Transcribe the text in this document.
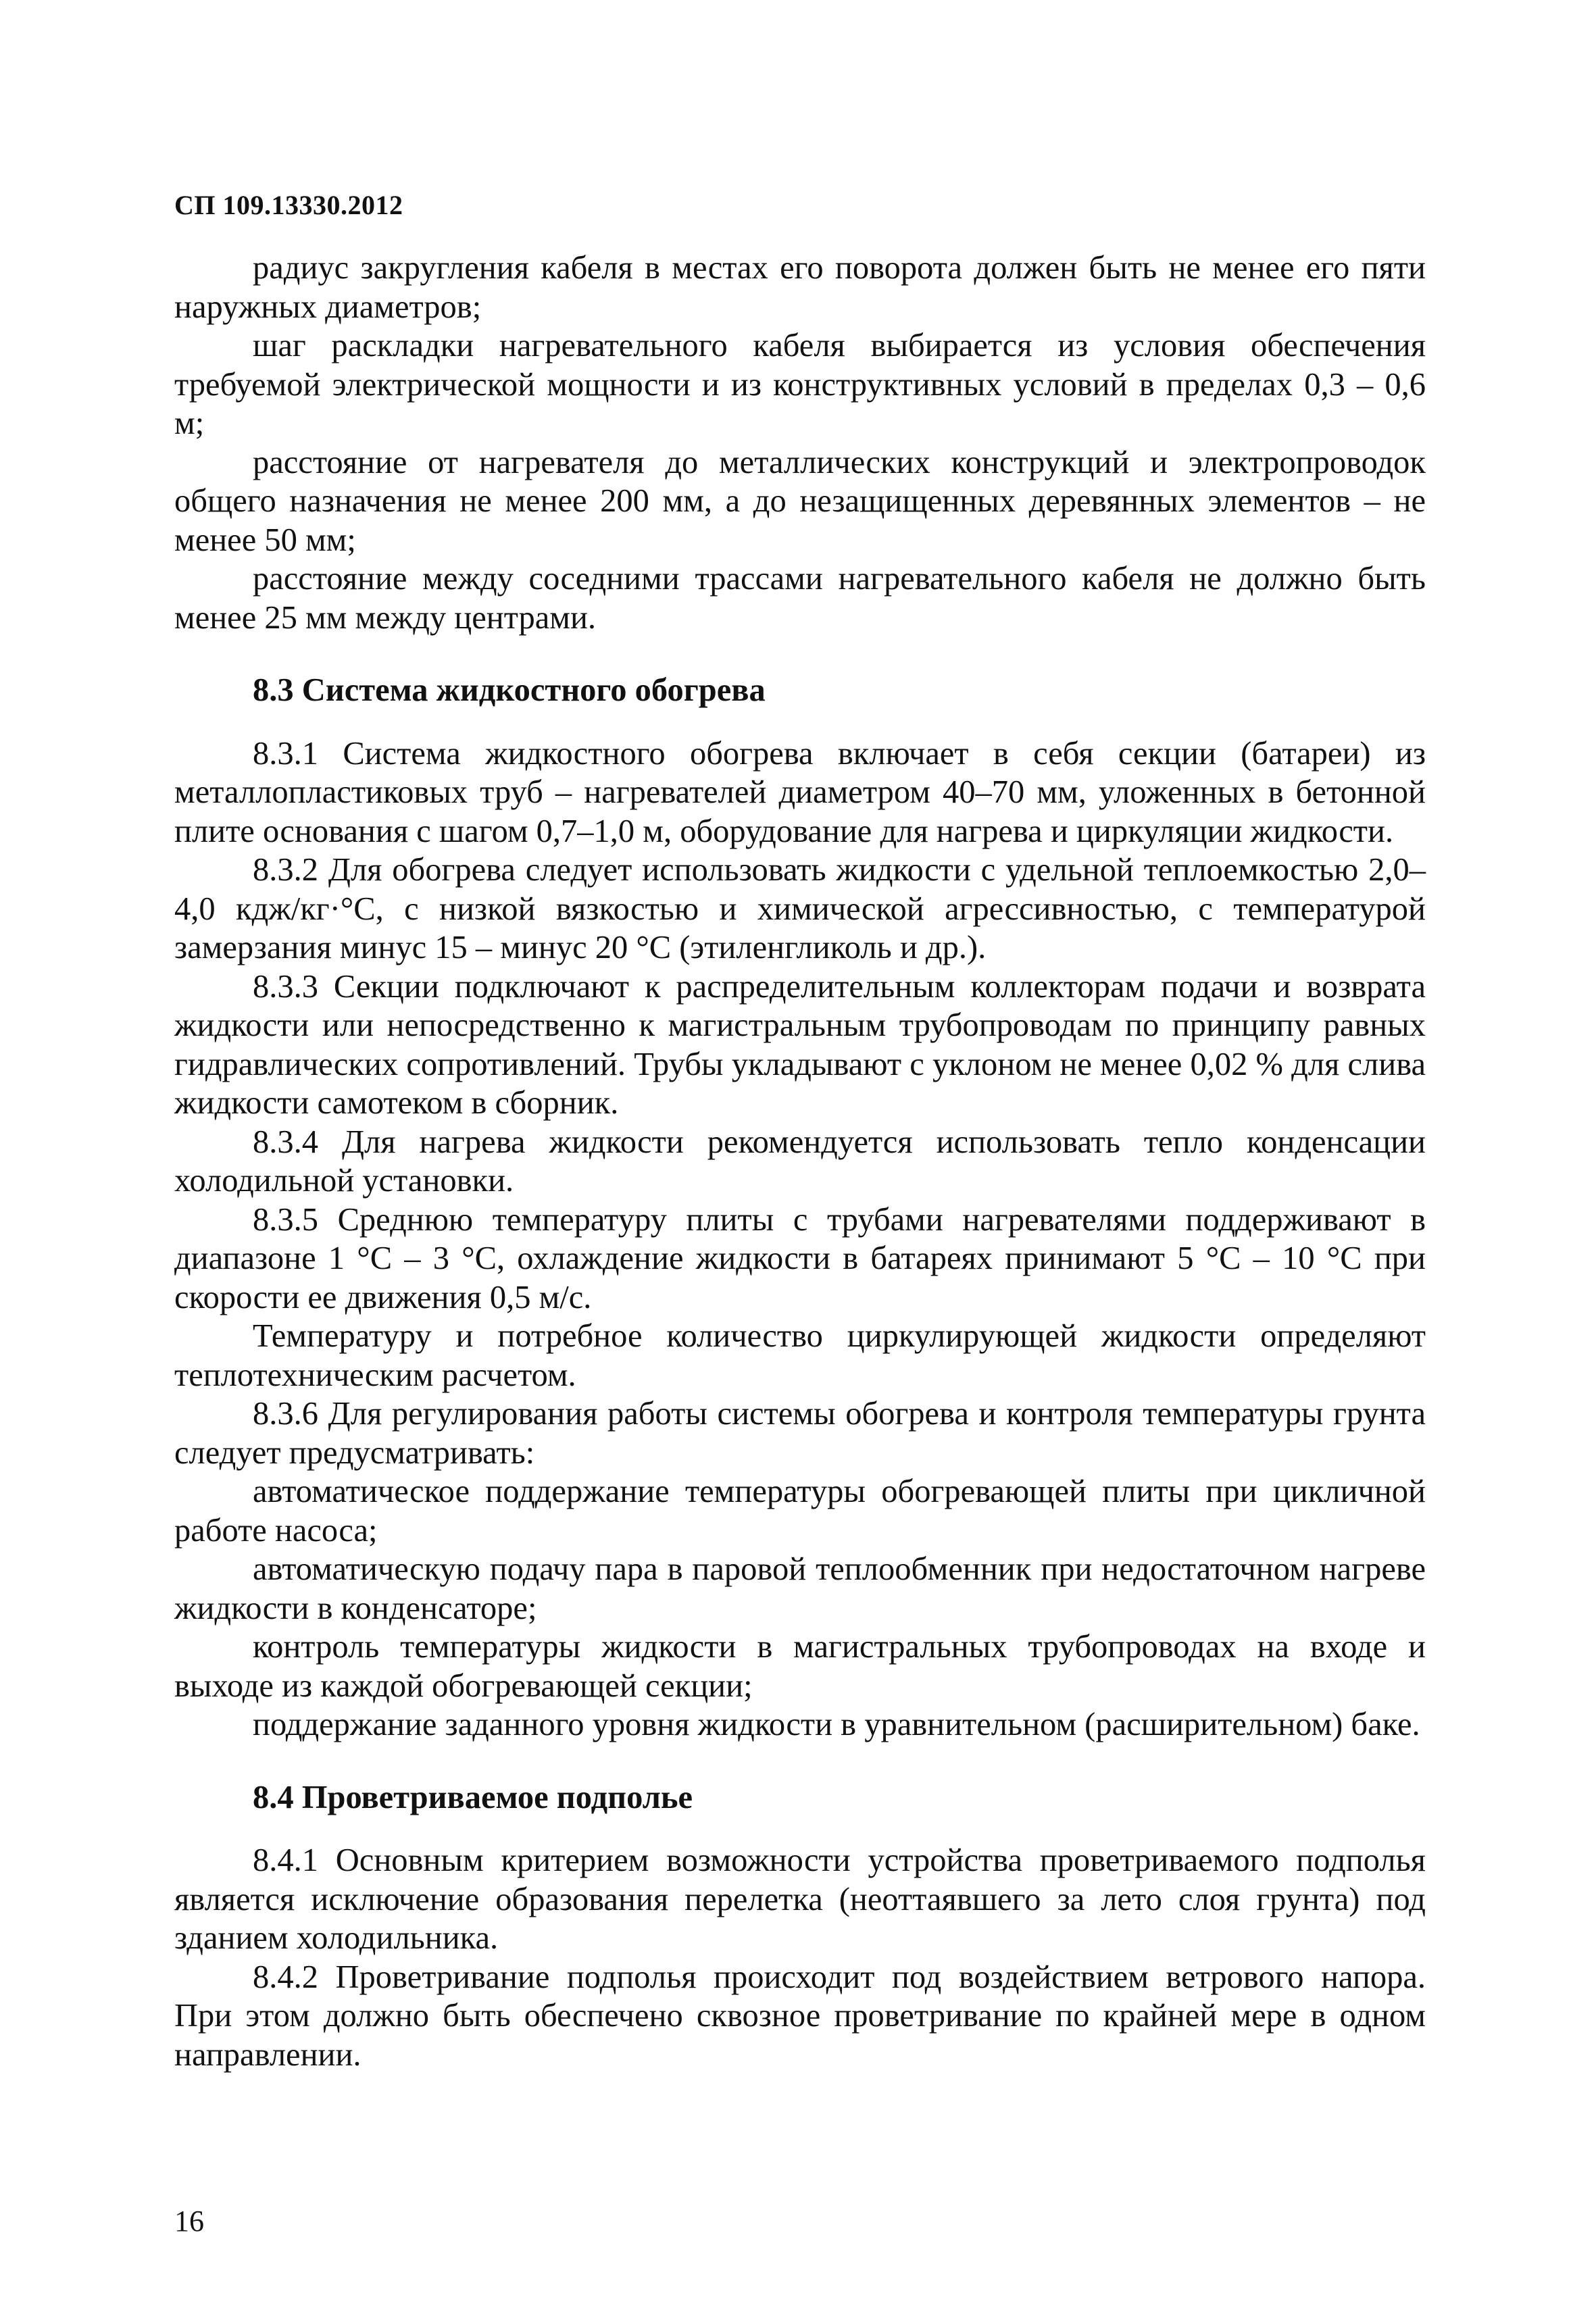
СП 109.13330.2012

радиус закругления кабеля в местах его поворота должен быть не менее его пяти наружных диаметров;

шаг раскладки нагревательного кабеля выбирается из условия обеспечения требуемой электрической мощности и из конструктивных условий в пределах 0,3 – 0,6 м;

расстояние от нагревателя до металлических конструкций и электропроводок общего назначения не менее 200 мм, а до незащищенных деревянных элементов – не менее 50 мм;

расстояние между соседними трассами нагревательного кабеля не должно быть менее 25 мм между центрами.

8.3 Система жидкостного обогрева

8.3.1 Система жидкостного обогрева включает в себя секции (батареи) из металлопластиковых труб – нагревателей диаметром 40–70 мм, уложенных в бетонной плите основания с шагом 0,7–1,0 м, оборудование для нагрева и циркуляции жидкости.

8.3.2 Для обогрева следует использовать жидкости с удельной теплоемкостью 2,0–4,0 кдж/кг·°С, с низкой вязкостью и химической агрессивностью, с температурой замерзания минус 15 – минус 20 °С (этиленгликоль и др.).

8.3.3 Секции подключают к распределительным коллекторам подачи и возврата жидкости или непосредственно к магистральным трубопроводам по принципу равных гидравлических сопротивлений. Трубы укладывают с уклоном не менее 0,02 % для слива жидкости самотеком в сборник.

8.3.4 Для нагрева жидкости рекомендуется использовать тепло конденсации холодильной установки.

8.3.5 Среднюю температуру плиты с трубами нагревателями поддерживают в диапазоне 1 °С – 3 °С, охлаждение жидкости в батареях принимают 5 °С – 10 °С при скорости ее движения 0,5 м/с.

Температуру и потребное количество циркулирующей жидкости определяют теплотехническим расчетом.

8.3.6 Для регулирования работы системы обогрева и контроля температуры грунта следует предусматривать:

автоматическое поддержание температуры обогревающей плиты при цикличной работе насоса;

автоматическую подачу пара в паровой теплообменник при недостаточном нагреве жидкости в конденсаторе;

контроль температуры жидкости в магистральных трубопроводах на входе и выходе из каждой обогревающей секции;

поддержание заданного уровня жидкости в уравнительном (расширительном) баке.

8.4 Проветриваемое подполье

8.4.1 Основным критерием возможности устройства проветриваемого подполья является исключение образования перелетка (неоттаявшего за лето слоя грунта) под зданием холодильника.

8.4.2 Проветривание подполья происходит под воздействием ветрового напора. При этом должно быть обеспечено сквозное проветривание по крайней мере в одном направлении.

16
